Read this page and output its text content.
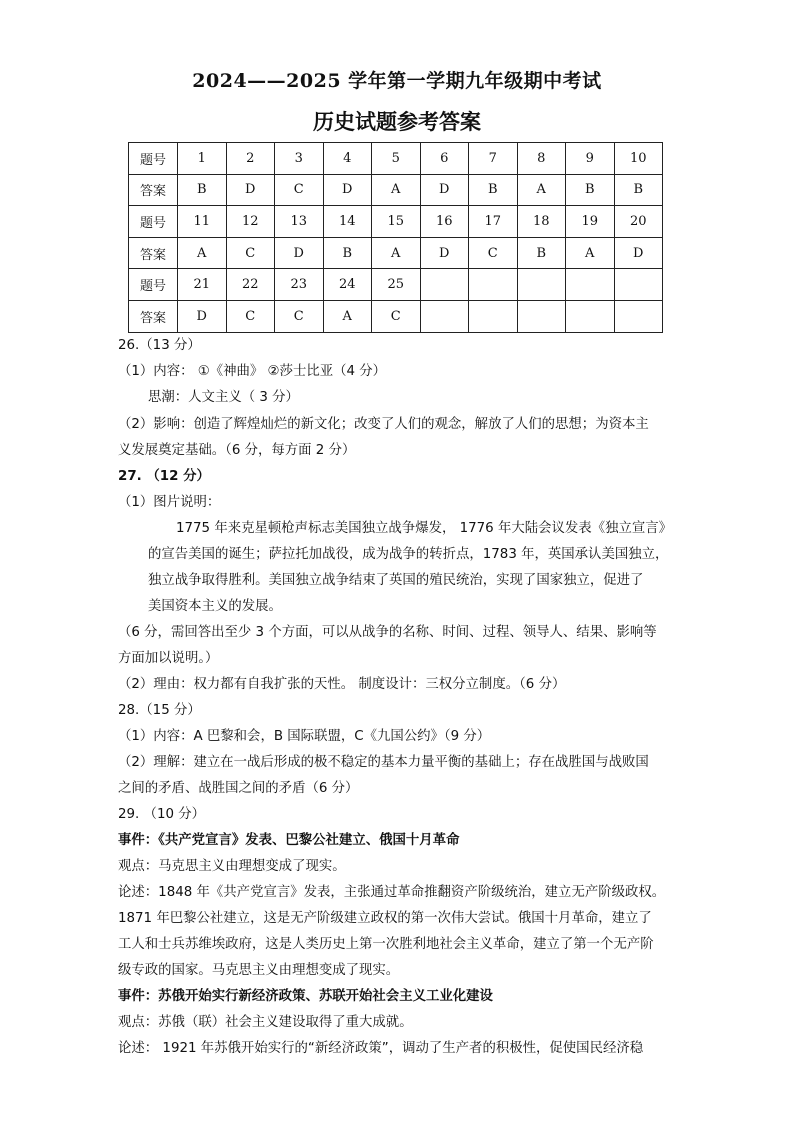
2024——2025 学年第一学期九年级期中考试
历史试题参考答案
题号	1	2	3	4	5	6	7	8	9	10
答案	B	D	C	D	A	D	B	A	B	B
题号	11	12	13	14	15	16	17	18	19	20
答案	A	C	D	B	A	D	C	B	A	D
题号	21	22	23	24	25					
答案	D	C	C	A	C					
26.（13 分）
（1）内容： ①《神曲》 ②莎士比亚（4 分）
思潮：人文主义（ 3 分）
（2）影响：创造了辉煌灿烂的新文化；改变了人们的观念，解放了人们的思想；为资本主
义发展奠定基础。（6 分，每方面 2 分）
27. （12 分）
（1）图片说明：
1775 年来克星顿枪声标志美国独立战争爆发， 1776 年大陆会议发表《独立宣言》
的宣告美国的诞生；萨拉托加战役，成为战争的转折点，1783 年，英国承认美国独立，
独立战争取得胜利。美国独立战争结束了英国的殖民统治，实现了国家独立，促进了
美国资本主义的发展。
（6 分，需回答出至少 3 个方面，可以从战争的名称、时间、过程、领导人、结果、影响等
方面加以说明。）
（2）理由：权力都有自我扩张的天性。 制度设计：三权分立制度。（6 分）
28.（15 分）
（1）内容：A 巴黎和会，B 国际联盟，C《九国公约》（9 分）
（2）理解：建立在一战后形成的极不稳定的基本力量平衡的基础上；存在战胜国与战败国
之间的矛盾、战胜国之间的矛盾（6 分）
29. （10 分）
事件：《共产党宣言》发表、巴黎公社建立、俄国十月革命
观点：马克思主义由理想变成了现实。
论述：1848 年《共产党宣言》发表，主张通过革命推翻资产阶级统治，建立无产阶级政权。
1871 年巴黎公社建立，这是无产阶级建立政权的第一次伟大尝试。俄国十月革命，建立了
工人和士兵苏维埃政府，这是人类历史上第一次胜利地社会主义革命，建立了第一个无产阶
级专政的国家。马克思主义由理想变成了现实。
事件：苏俄开始实行新经济政策、苏联开始社会主义工业化建设
观点：苏俄（联）社会主义建设取得了重大成就。
论述： 1921 年苏俄开始实行的“新经济政策”，调动了生产者的积极性，促使国民经济稳
